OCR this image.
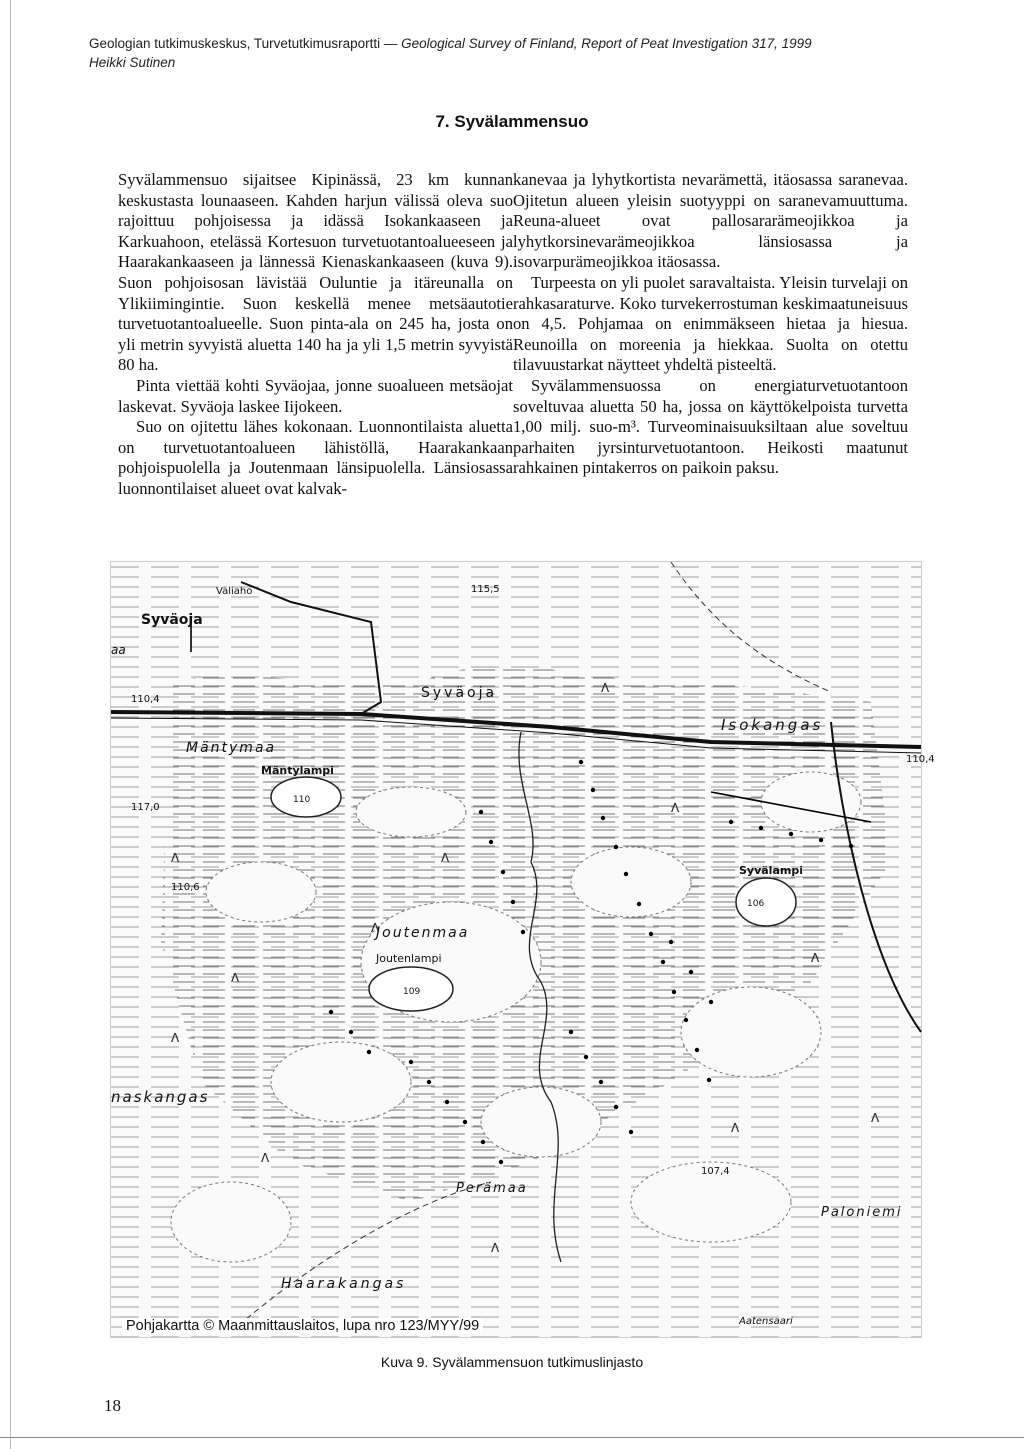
Geologian tutkimuskeskus, Turvetutkimusraportti — Geological Survey of Finland, Report of Peat Investigation 317, 1999
Heikki Sutinen
7. Syvälammensuo

Syvälammensuo sijaitsee Kipinässä, 23 km kunnan keskustasta lounaaseen. Kahden harjun välissä oleva suo rajoittuu pohjoisessa ja idässä Isokankaaseen ja Karkuahoon, etelässä Kortesuon turvetuotantoalueeseen ja Haarakankaaseen ja lännessä Kienaskankaaseen (kuva 9). Suon pohjoisosan lävistää Ouluntie ja itäreunalla on Ylikiimingintie. Suon keskellä menee metsäautotie turvetuotantoalueelle. Suon pinta-ala on 245 ha, josta on yli metrin syvyistä aluetta 140 ha ja yli 1,5 metrin syvyistä 80 ha.

Pinta viettää kohti Syväojaa, jonne suoalueen metsäojat laskevat. Syväoja laskee Iijokeen.

Suo on ojitettu lähes kokonaan. Luonnontilaista aluetta on turvetuotantoalueen lähistöllä, Haarakankaan pohjoispuolella ja Joutenmaan länsipuolella. Länsiosassa luonnontilaiset alueet ovat kalvak-

kanevaa ja lyhytkortista nevarämettä, itäosassa saranevaa. Ojitetun alueen yleisin suotyyppi on saranevamuuttuma. Reuna-alueet ovat pallosararämeojikkoa ja lyhytkorsinevarämeojikkoa länsiosassa ja isovarpurämeojikkoa itäosassa.

Turpeesta on yli puolet saravaltaista. Yleisin turvelaji on rahkasaraturve. Koko turvekerrostuman keskimaatuneisuus on 4,5. Pohjamaa on enimmäkseen hietaa ja hiesua. Reunoilla on moreenia ja hiekkaa. Suolta on otettu tilavuustarkat näytteet yhdeltä pisteeltä.

Syvälammensuossa on energiaturvetuotantoon soveltuvaa aluetta 50 ha, jossa on käyttökelpoista turvetta 1,00 milj. suo-m³. Turveominaisuuksiltaan alue soveltuu parhaiten jyrsinturvetuotantoon. Heikosti maatunut rahkainen pintakerros on paikoin paksu.

Λ
Λ
Λ
Λ
Λ
Λ
Λ
Λ
Λ
Λ
Λ
Λ
Syväoja
Väliaho
aa
Mäntymaa
Mäntylampi
110
110,4
110,6
117,0
115,5
Joutenmaa
Joutenlampi
109
Syvälampi
106
Syväoja
Isokangas
110,4
naskangas
Perämaa
Haarakangas
Paloniemi
Aatensaari
107,4
Pohjakartta © Maanmittauslaitos, lupa nro 123/MYY/99
Kuva 9. Syvälammensuon tutkimuslinjasto
18
